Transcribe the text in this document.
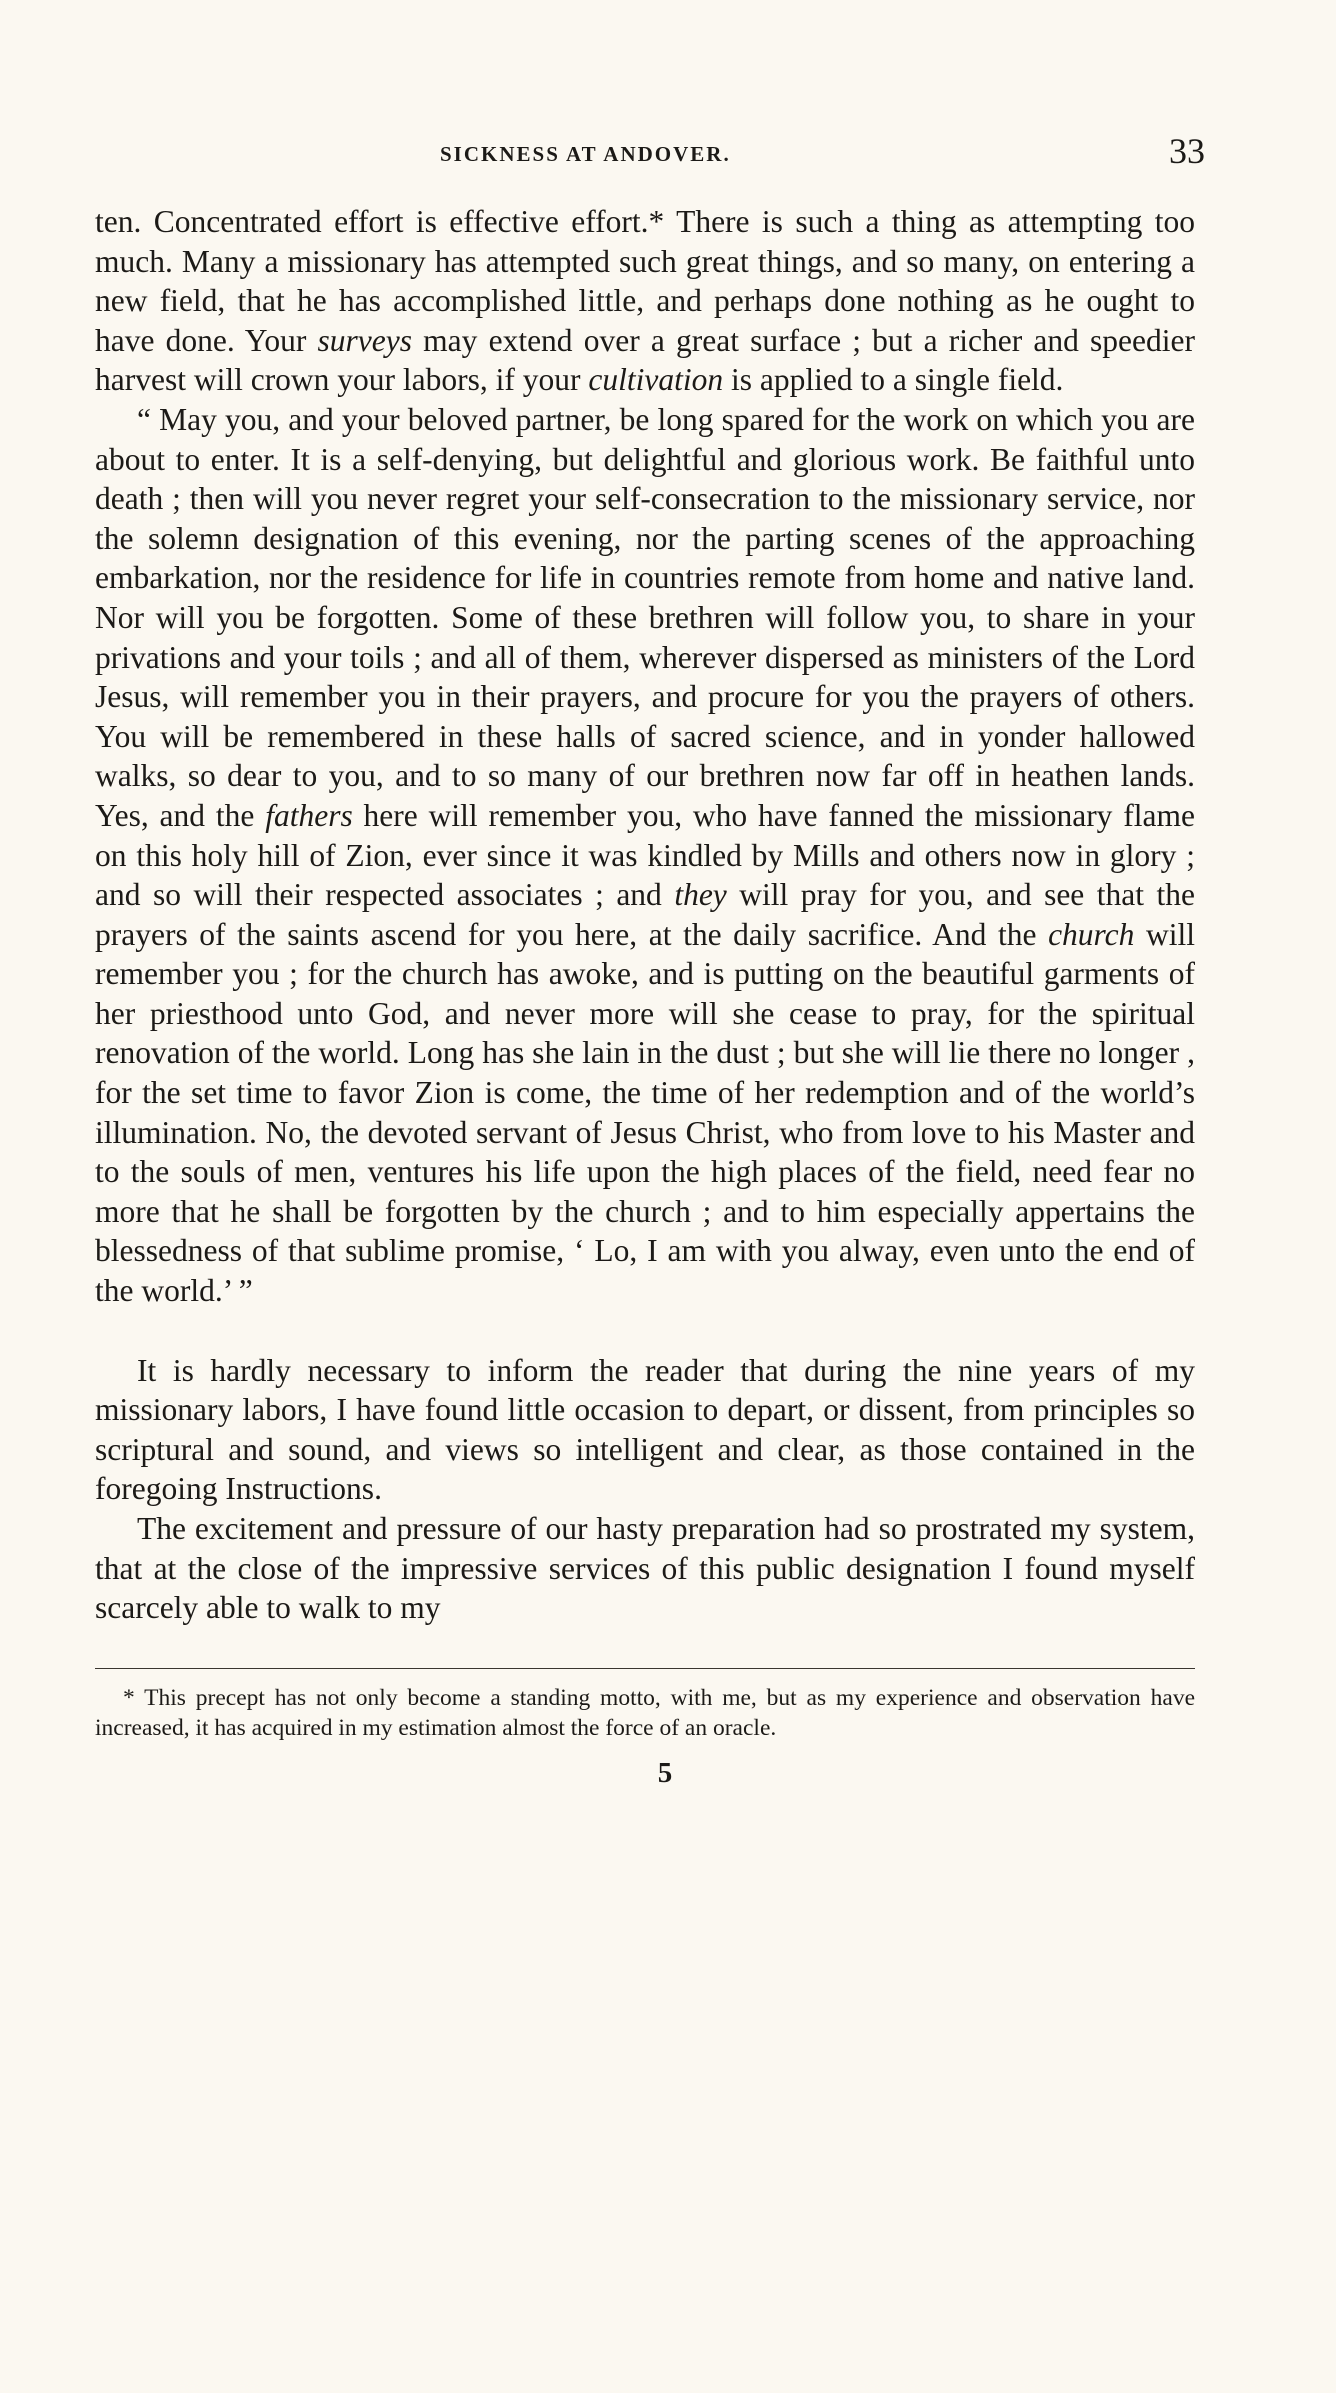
SICKNESS AT ANDOVER.	33

ten. Concentrated effort is effective effort.* There is such a thing as attempting too much. Many a missionary has attempted such great things, and so many, on entering a new field, that he has accomplished little, and perhaps done nothing as he ought to have done. Your surveys may extend over a great surface ; but a richer and speedier harvest will crown your labors, if your cultivation is applied to a single field.

“ May you, and your beloved partner, be long spared for the work on which you are about to enter. It is a self-denying, but delightful and glorious work. Be faithful unto death ; then will you never regret your self-consecration to the missionary service, nor the solemn designation of this evening, nor the parting scenes of the approaching embarkation, nor the residence for life in countries remote from home and native land. Nor will you be forgotten. Some of these brethren will follow you, to share in your privations and your toils ; and all of them, wherever dispersed as ministers of the Lord Jesus, will remember you in their prayers, and procure for you the prayers of others. You will be remembered in these halls of sacred science, and in yonder hallowed walks, so dear to you, and to so many of our brethren now far off in heathen lands. Yes, and the fathers here will remember you, who have fanned the missionary flame on this holy hill of Zion, ever since it was kindled by Mills and others now in glory ; and so will their respected associates ; and they will pray for you, and see that the prayers of the saints ascend for you here, at the daily sacrifice. And the church will remember you ; for the church has awoke, and is putting on the beautiful garments of her priesthood unto God, and never more will she cease to pray, for the spiritual renovation of the world. Long has she lain in the dust ; but she will lie there no longer , for the set time to favor Zion is come, the time of her redemption and of the world’s illumination. No, the devoted servant of Jesus Christ, who from love to his Master and to the souls of men, ventures his life upon the high places of the field, need fear no more that he shall be forgotten by the church ; and to him especially appertains the blessedness of that sublime promise, ‘ Lo, I am with you alway, even unto the end of the world.’ ”

It is hardly necessary to inform the reader that during the nine years of my missionary labors, I have found little occasion to depart, or dissent, from principles so scriptural and sound, and views so intelligent and clear, as those contained in the foregoing Instructions.

The excitement and pressure of our hasty preparation had so prostrated my system, that at the close of the impressive services of this public designation I found myself scarcely able to walk to my

* This precept has not only become a standing motto, with me, but as my experience and observation have increased, it has acquired in my estimation almost the force of an oracle.
5
